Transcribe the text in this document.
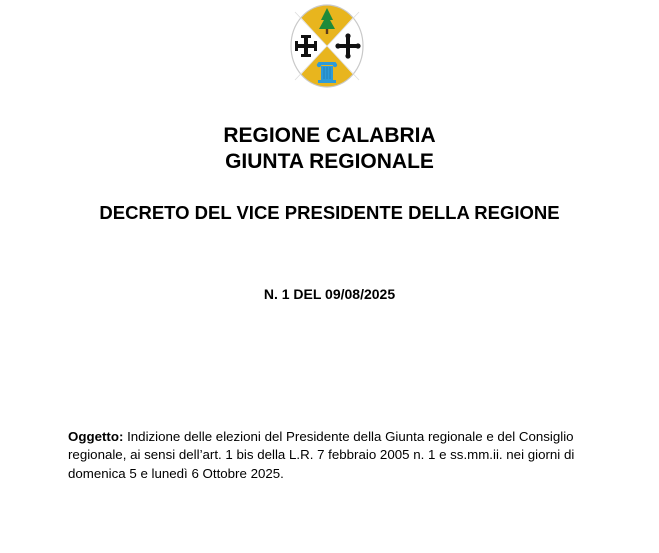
REGIONE CALABRIA
GIUNTA REGIONALE
DECRETO DEL VICE PRESIDENTE DELLA REGIONE
N. 1 DEL 09/08/2025
Oggetto: Indizione delle elezioni del Presidente della Giunta regionale e del Consiglio regionale, ai sensi dell’art. 1 bis della L.R. 7 febbraio 2005 n. 1 e ss.mm.ii. nei giorni di domenica 5 e lunedì 6 Ottobre 2025.
